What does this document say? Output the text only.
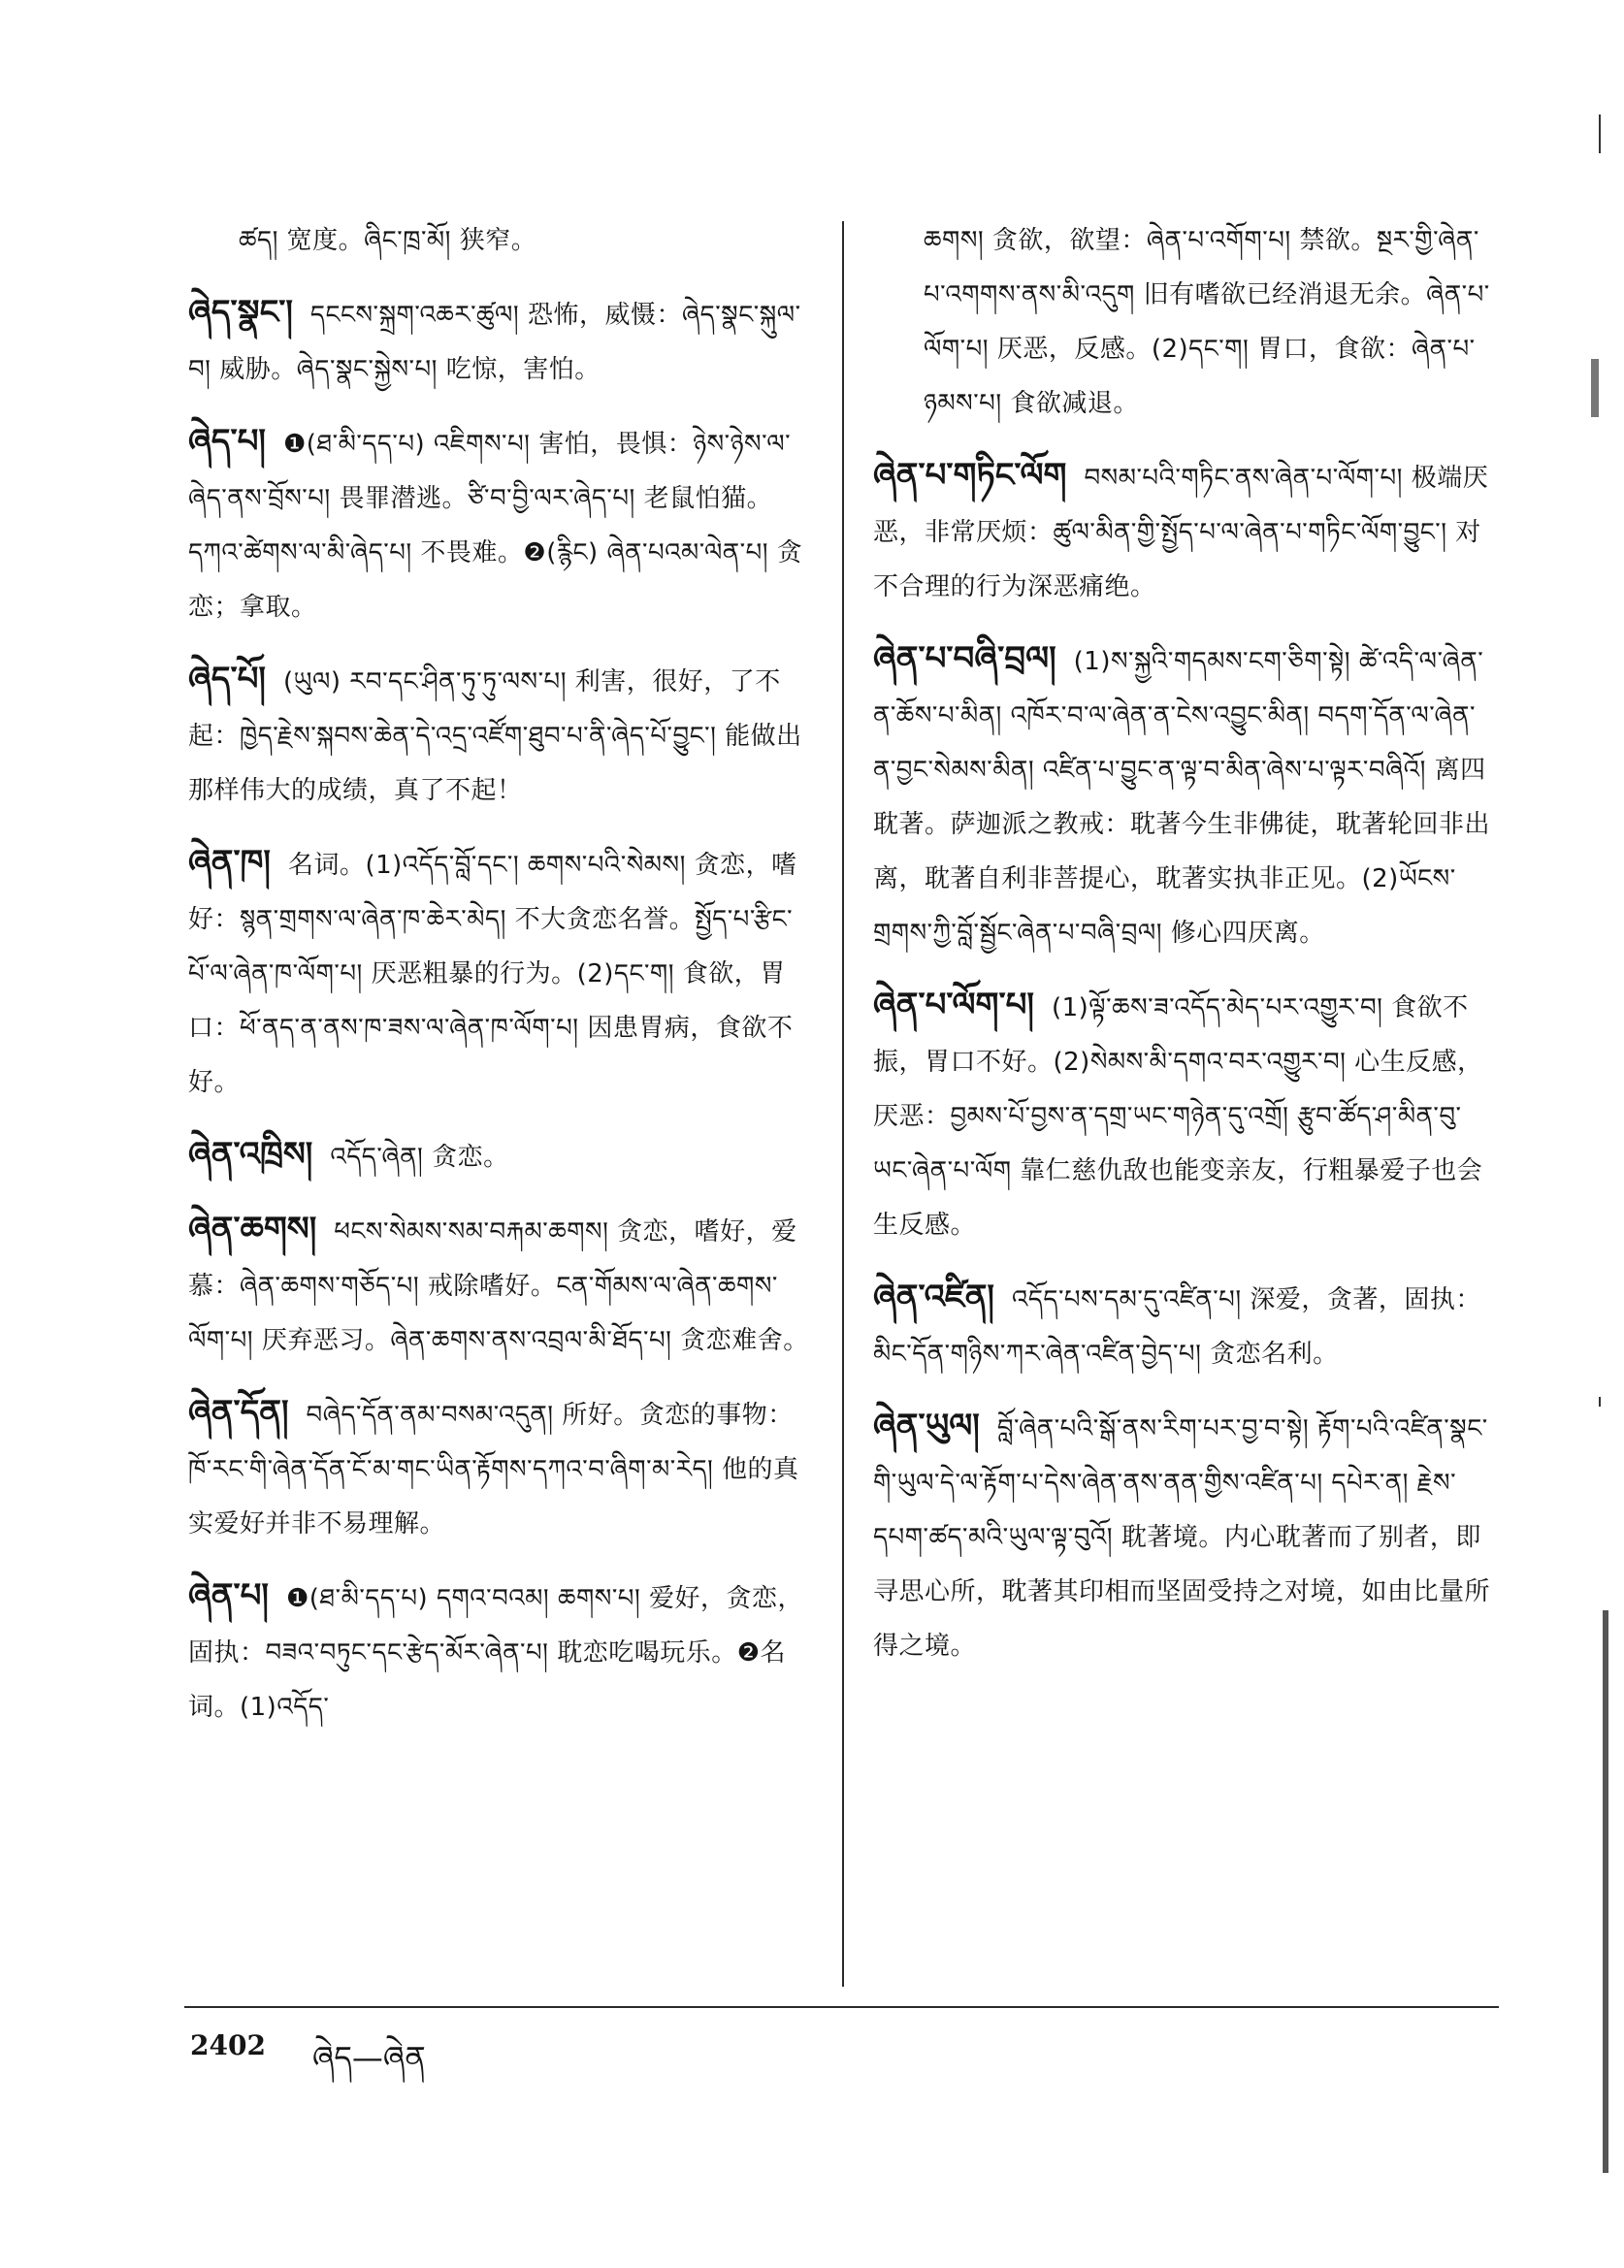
ཚད། 宽度。ཞིང་ཁྲ་མོ། 狭窄。
ཞེད་སྣང་། དངངས་སྐྲག་འཆར་ཚུལ། 恐怖，威慑：ཞེད་སྣང་སྐུལ་བ། 威胁。ཞེད་སྣང་སྐྱེས་པ། 吃惊，害怕。
ཞེད་པ། ❶(ཐ་མི་དད་པ) འཇིགས་པ། 害怕，畏惧：ཉེས་ཉེས་ལ་ཞེད་ནས་བྲོས་པ། 畏罪潜逃。ཙི་བ་བྱི་ལར་ཞེད་པ། 老鼠怕猫。དཀའ་ཚེགས་ལ་མི་ཞེད་པ། 不畏难。❷(རྙིང) ཞེན་པའམ་ལེན་པ། 贪恋；拿取。
ཞེད་པོ། (ཡུལ) རབ་དང་ཤིན་ཏུ་ཏུ་ལས་པ། 利害，很好，了不起：ཁྱེད་རྗེས་སྐབས་ཆེན་དེ་འདྲ་འཛོག་ཐུབ་པ་ནི་ཞེད་པོ་བྱུང་། 能做出那样伟大的成绩，真了不起！
ཞེན་ཁ། 名词。(1)འདོད་བློ་དང་། ཆགས་པའི་སེམས། 贪恋，嗜好：སྙན་གྲགས་ལ་ཞེན་ཁ་ཆེར་མེད། 不大贪恋名誉。སྤྱོད་པ་རྩིང་པོ་ལ་ཞེན་ཁ་ལོག་པ། 厌恶粗暴的行为。(2)དང་ག། 食欲，胃口：ཕོ་ནད་ན་ནས་ཁ་ཟས་ལ་ཞེན་ཁ་ལོག་པ། 因患胃病，食欲不好。
ཞེན་འཁྲིས། འདོད་ཞེན། 贪恋。
ཞེན་ཆགས། ཕངས་སེམས་སམ་བརྐམ་ཆགས། 贪恋，嗜好，爱慕：ཞེན་ཆགས་གཅོད་པ། 戒除嗜好。ངན་གོམས་ལ་ཞེན་ཆགས་ལོག་པ། 厌弃恶习。ཞེན་ཆགས་ནས་འབྲལ་མི་ཐོད་པ། 贪恋难舍。
ཞེན་དོན། བཞེད་དོན་ནམ་བསམ་འདུན། 所好。贪恋的事物：ཁོ་རང་གི་ཞེན་དོན་ངོ་མ་གང་ཡིན་རྟོགས་དཀའ་བ་ཞིག་མ་རེད། 他的真实爱好并非不易理解。
ཞེན་པ། ❶(ཐ་མི་དད་པ) དགའ་བའམ། ཆགས་པ། 爱好，贪恋，固执：བཟའ་བཏུང་དང་རྩེད་མོར་ཞེན་པ། 耽恋吃喝玩乐。❷名词。(1)འདོད་
ཆགས། 贪欲，欲望：ཞེན་པ་འགོག་པ། 禁欲。སྔར་གྱི་ཞེན་པ་འགགས་ནས་མི་འདུག 旧有嗜欲已经消退无余。ཞེན་པ་ལོག་པ། 厌恶，反感。(2)དང་ག། 胃口，食欲：ཞེན་པ་ཉམས་པ། 食欲减退。
ཞེན་པ་གཏིང་ལོག བསམ་པའི་གཏིང་ནས་ཞེན་པ་ལོག་པ། 极端厌恶，非常厌烦：ཚུལ་མིན་གྱི་སྤྱོད་པ་ལ་ཞེན་པ་གཏིང་ལོག་བྱུང་། 对不合理的行为深恶痛绝。
ཞེན་པ་བཞི་བྲལ། (1)ས་སྐྱའི་གདམས་ངག་ཅིག་སྟེ། ཚེ་འདི་ལ་ཞེན་ན་ཆོས་པ་མིན། འཁོར་བ་ལ་ཞེན་ན་ངེས་འབྱུང་མིན། བདག་དོན་ལ་ཞེན་ན་བྱང་སེམས་མིན། འཛིན་པ་བྱུང་ན་ལྟ་བ་མིན་ཞེས་པ་ལྟར་བཞིའོ། 离四耽著。萨迦派之教戒：耽著今生非佛徒，耽著轮回非出离，耽著自利非菩提心，耽著实执非正见。(2)ཡོངས་གྲགས་ཀྱི་བློ་སྦྱོང་ཞེན་པ་བཞི་བྲལ། 修心四厌离。
ཞེན་པ་ལོག་པ། (1)ལྟོ་ཆས་ཟ་འདོད་མེད་པར་འགྱུར་བ། 食欲不振，胃口不好。(2)སེམས་མི་དགའ་བར་འགྱུར་བ། 心生反感，厌恶：བྱམས་པོ་བྱས་ན་དགྲ་ཡང་གཉེན་དུ་འགྲོ། རྩུབ་ཚོད་ཤ་མིན་བུ་ཡང་ཞེན་པ་ལོག 靠仁慈仇敌也能变亲友，行粗暴爱子也会生反感。
ཞེན་འཛིན། འདོད་པས་དམ་དུ་འཛིན་པ། 深爱，贪著，固执：མིང་དོན་གཉིས་ཀར་ཞེན་འཛིན་བྱེད་པ། 贪恋名利。
ཞེན་ཡུལ། བློ་ཞེན་པའི་སྒོ་ནས་རིག་པར་བྱ་བ་སྟེ། རྟོག་པའི་འཛིན་སྣང་གི་ཡུལ་དེ་ལ་རྟོག་པ་དེས་ཞེན་ནས་ནན་གྱིས་འཛིན་པ། དཔེར་ན། རྗེས་དཔག་ཚད་མའི་ཡུལ་ལྟ་བུའོ། 耽著境。内心耽著而了别者，即寻思心所，耽著其印相而坚固受持之对境，如由比量所得之境。
2402 ཞེད—ཞེན
